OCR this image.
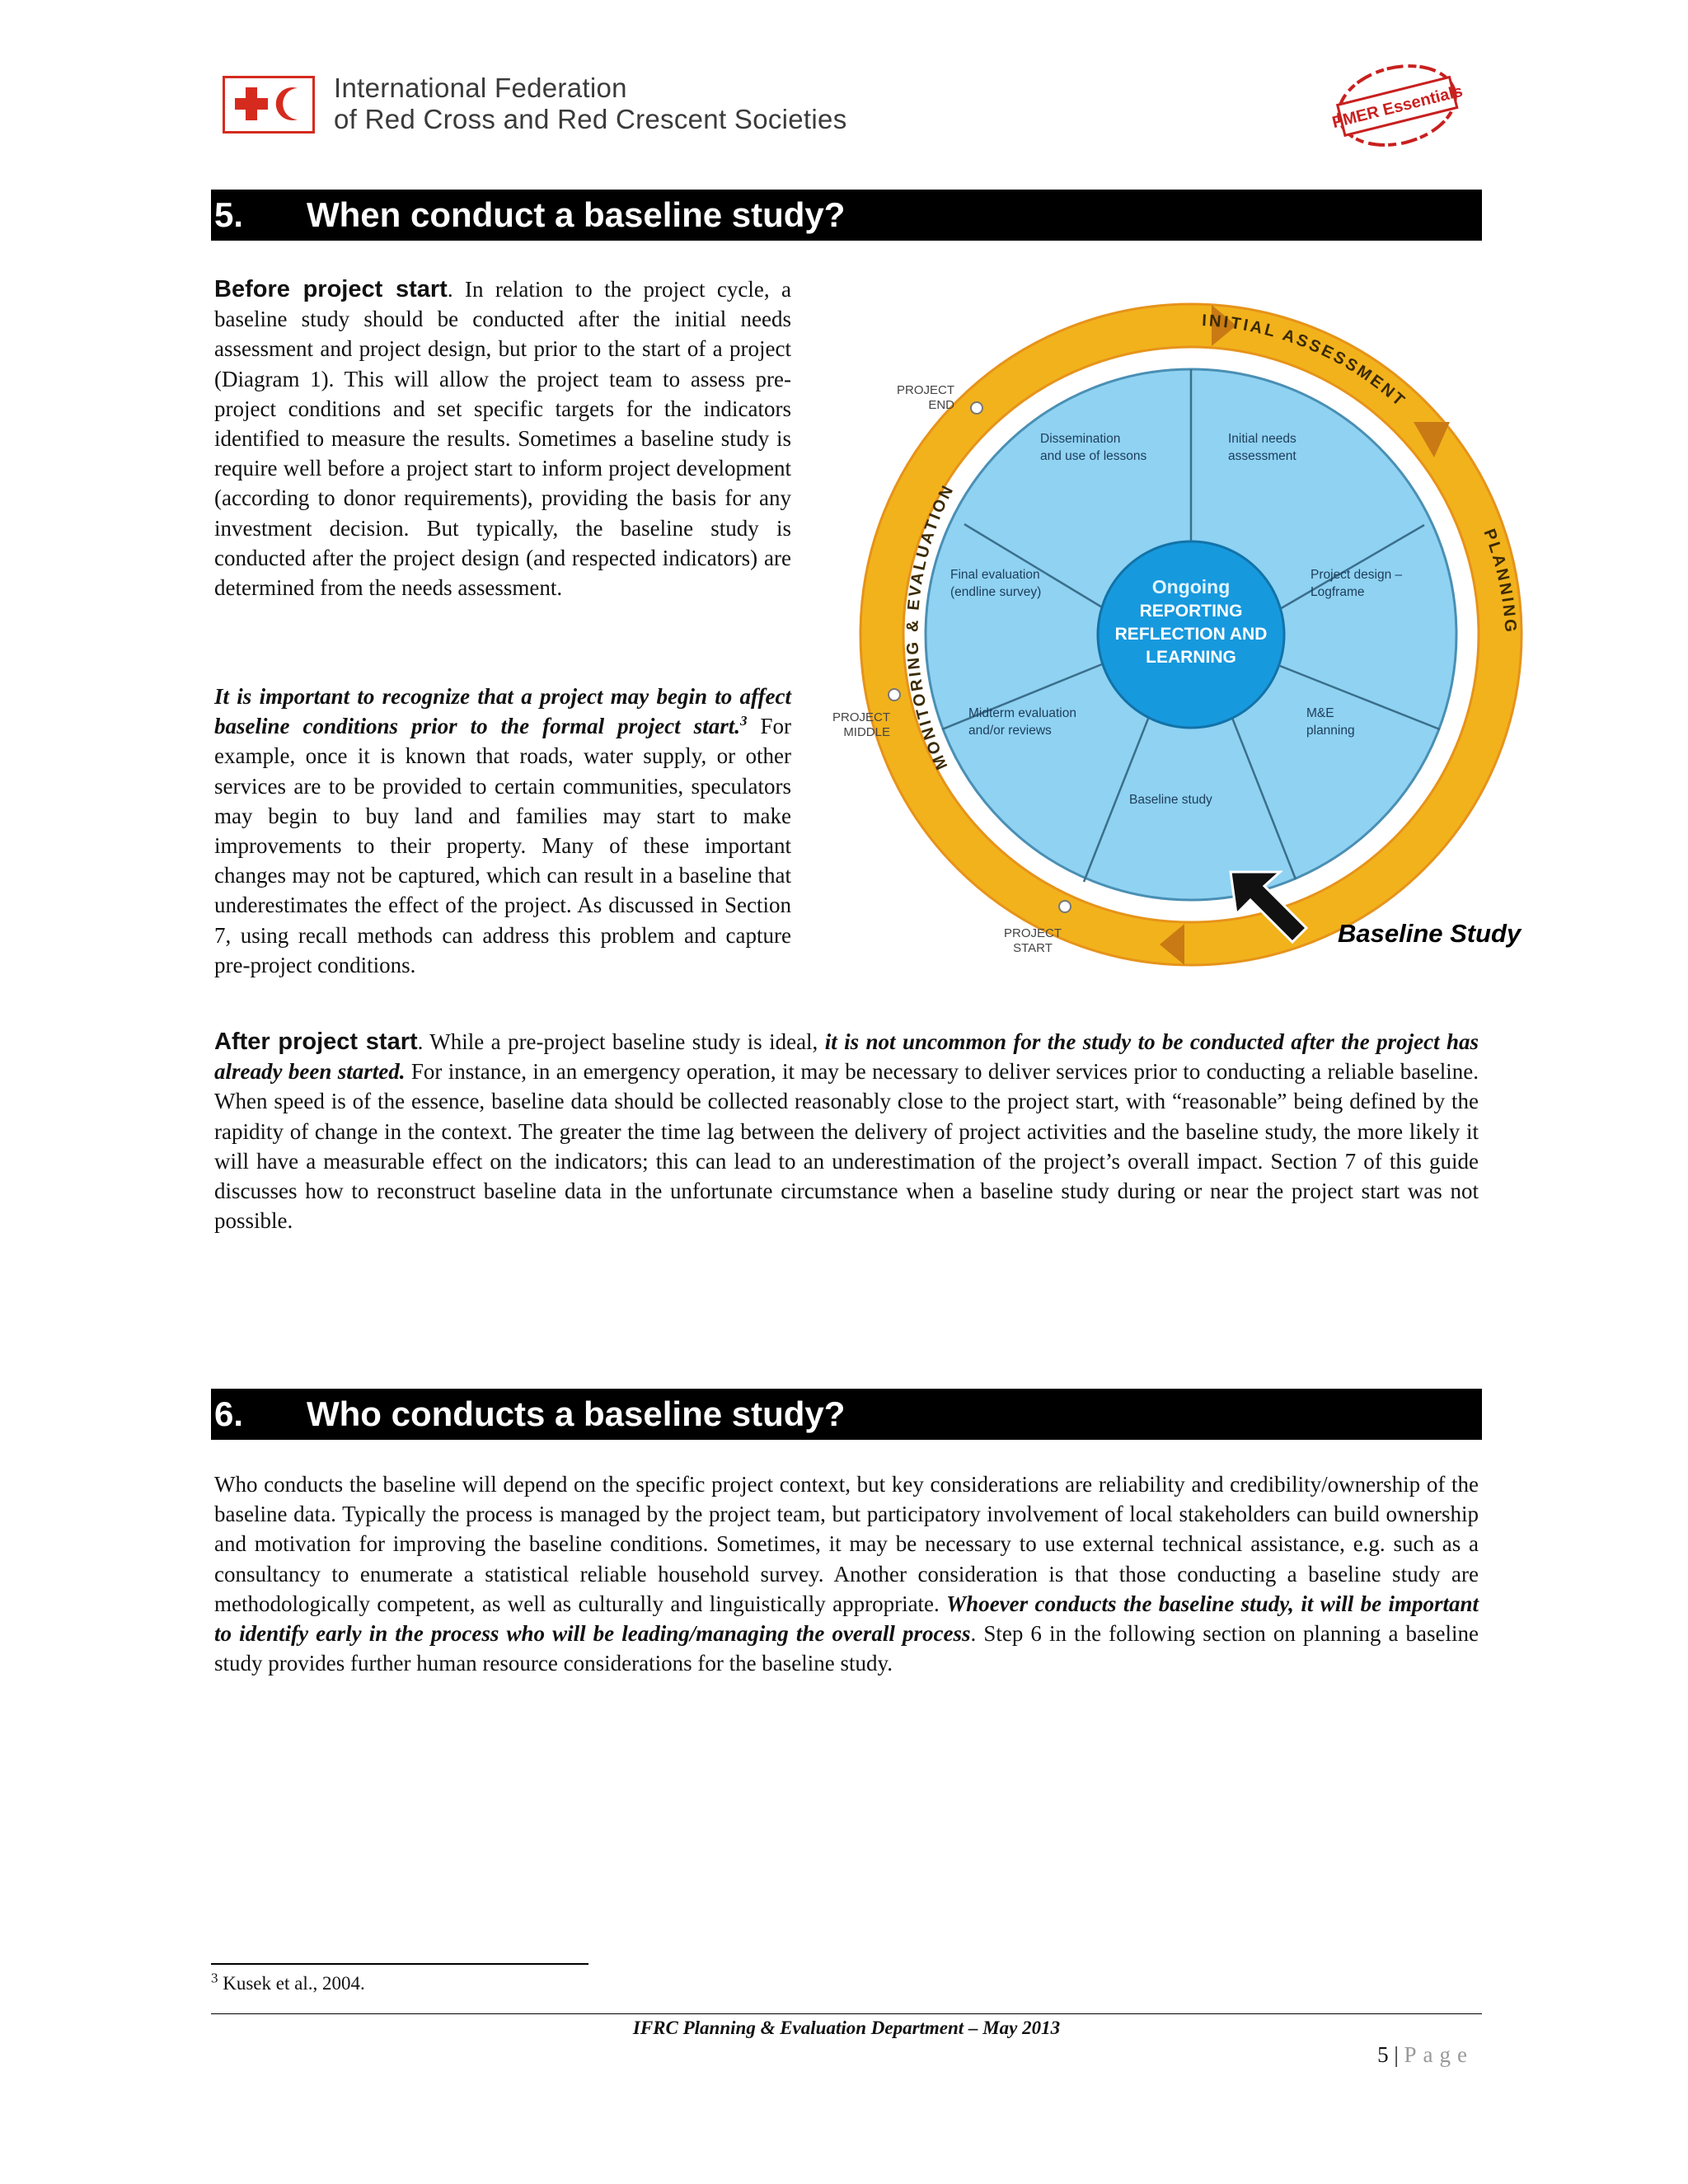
International Federation
of Red Cross and Red Crescent Societies	PMER Essentials
5. When conduct a baseline study?

Before project start. In relation to the project cycle, a baseline study should be conducted after the initial needs assessment and project design, but prior to the start of a project (Diagram 1). This will allow the project team to assess pre-project conditions and set specific targets for the indicators identified to measure the results. Sometimes a baseline study is require well before a project start to inform project development (according to donor requirements), providing the basis for any investment decision. But typically, the baseline study is conducted after the project design (and respected indicators) are determined from the needs assessment.

It is important to recognize that a project may begin to affect baseline conditions prior to the formal project start.$^3$ For example, once it is known that roads, water supply, or other services are to be provided to certain communities, speculators may begin to buy land and families may start to make improvements to their property. Many of these important changes may not be captured, which can result in a baseline that underestimates the effect of the project. As discussed in Section 7, using recall methods can address this problem and capture pre-project conditions.

Ongoing
REPORTING
REFLECTION AND
LEARNING
Dissemination
and use of lessons
Initial needs
assessment
Project design –
Logframe
M&E
planning
Baseline study
Midterm evaluation
and/or reviews
Final evaluation
(endline survey)
INITIAL ASSESSMENT
PLANNING
MONITORING & EVALUATION
PROJECT
END
PROJECT
MIDDLE
PROJECT
START
Baseline Study

After project start. While a pre-project baseline study is ideal, it is not uncommon for the study to be conducted after the project has already been started. For instance, in an emergency operation, it may be necessary to deliver services prior to conducting a reliable baseline. When speed is of the essence, baseline data should be collected reasonably close to the project start, with “reasonable” being defined by the rapidity of change in the context. The greater the time lag between the delivery of project activities and the baseline study, the more likely it will have a measurable effect on the indicators; this can lead to an underestimation of the project’s overall impact. Section 7 of this guide discusses how to reconstruct baseline data in the unfortunate circumstance when a baseline study during or near the project start was not possible.

6. Who conducts a baseline study?

Who conducts the baseline will depend on the specific project context, but key considerations are reliability and credibility/ownership of the baseline data. Typically the process is managed by the project team, but participatory involvement of local stakeholders can build ownership and motivation for improving the baseline conditions. Sometimes, it may be necessary to use external technical assistance, e.g. such as a consultancy to enumerate a statistical reliable household survey. Another consideration is that those conducting a baseline study are methodologically competent, as well as culturally and linguistically appropriate. Whoever conducts the baseline study, it will be important to identify early in the process who will be leading/managing the overall process. Step 6 in the following section on planning a baseline study provides further human resource considerations for the baseline study.

$^3$ Kusek et al., 2004.
IFRC Planning & Evaluation Department – May 2013
5 | Page
